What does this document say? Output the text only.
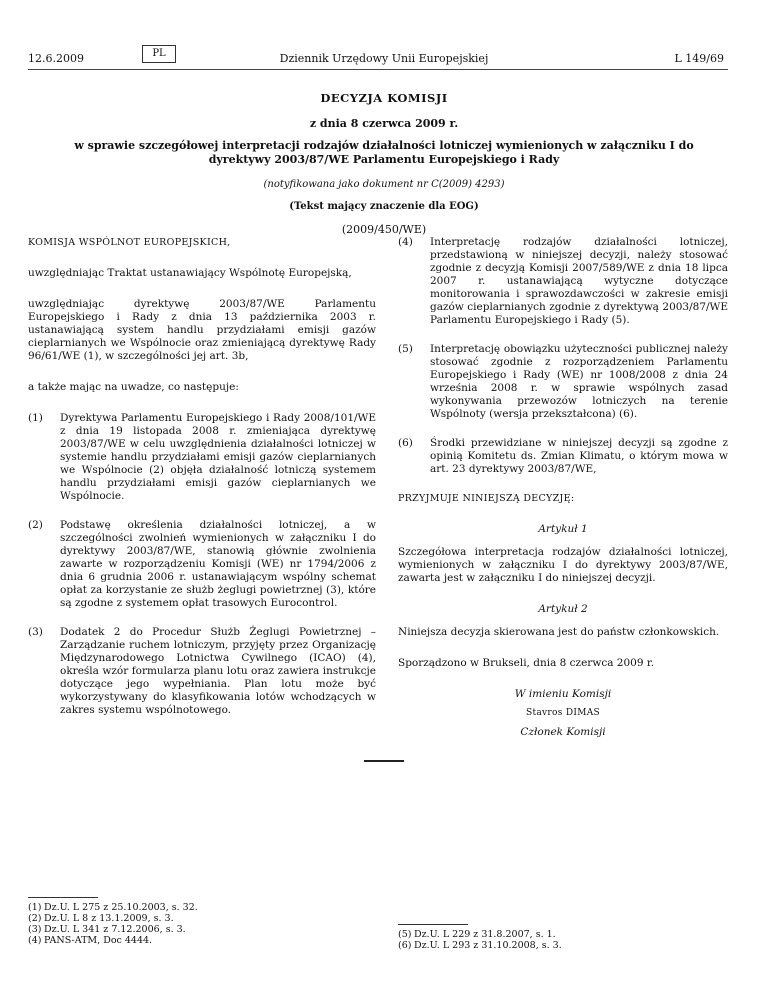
12.6.2009	PL	Dziennik Urzędowy Unii Europejskiej	L 149/69
DECYZJA KOMISJI
z dnia 8 czerwca 2009 r.
w sprawie szczegółowej interpretacji rodzajów działalności lotniczej wymienionych w załączniku I do dyrektywy 2003/87/WE Parlamentu Europejskiego i Rady
(notyfikowana jako dokument nr C(2009) 4293)
(Tekst mający znaczenie dla EOG)
(2009/450/WE)
KOMISJA WSPÓLNOT EUROPEJSKICH,
uwzględniając Traktat ustanawiający Wspólnotę Europejską,
uwzględniając dyrektywę 2003/87/WE Parlamentu Europejskiego i Rady z dnia 13 października 2003 r. ustanawiającą system handlu przydziałami emisji gazów cieplarnianych we Wspólnocie oraz zmieniającą dyrektywę Rady 96/61/WE (1), w szczególności jej art. 3b,
a także mając na uwadze, co następuje:
(1)	Dyrektywa Parlamentu Europejskiego i Rady 2008/101/WE z dnia 19 listopada 2008 r. zmieniająca dyrektywę 2003/87/WE w celu uwzględnienia działalności lotniczej w systemie handlu przydziałami emisji gazów cieplarnianych we Wspólnocie (2) objęła działalność lotniczą systemem handlu przydziałami emisji gazów cieplarnianych we Wspólnocie.
(2)	Podstawę określenia działalności lotniczej, a w szczególności zwolnień wymienionych w załączniku I do dyrektywy 2003/87/WE, stanowią głównie zwolnienia zawarte w rozporządzeniu Komisji (WE) nr 1794/2006 z dnia 6 grudnia 2006 r. ustanawiającym wspólny schemat opłat za korzystanie ze służb żeglugi powietrznej (3), które są zgodne z systemem opłat trasowych Eurocontrol.
(3)	Dodatek 2 do Procedur Służb Żeglugi Powietrznej – Zarządzanie ruchem lotniczym, przyjęty przez Organizację Międzynarodowego Lotnictwa Cywilnego (ICAO) (4), określa wzór formularza planu lotu oraz zawiera instrukcje dotyczące jego wypełniania. Plan lotu może być wykorzystywany do klasyfikowania lotów wchodzących w zakres systemu wspólnotowego.
(4)	Interpretację rodzajów działalności lotniczej, przedstawioną w niniejszej decyzji, należy stosować zgodnie z decyzją Komisji 2007/589/WE z dnia 18 lipca 2007 r. ustanawiającą wytyczne dotyczące monitorowania i sprawozdawczości w zakresie emisji gazów cieplarnianych zgodnie z dyrektywą 2003/87/WE Parlamentu Europejskiego i Rady (5).
(5)	Interpretację obowiązku użyteczności publicznej należy stosować zgodnie z rozporządzeniem Parlamentu Europejskiego i Rady (WE) nr 1008/2008 z dnia 24 września 2008 r. w sprawie wspólnych zasad wykonywania przewozów lotniczych na terenie Wspólnoty (wersja przekształcona) (6).
(6)	Środki przewidziane w niniejszej decyzji są zgodne z opinią Komitetu ds. Zmian Klimatu, o którym mowa w art. 23 dyrektywy 2003/87/WE,
PRZYJMUJE NINIEJSZĄ DECYZJĘ:
Artykuł 1
Szczegółowa interpretacja rodzajów działalności lotniczej, wymienionych w załączniku I do dyrektywy 2003/87/WE, zawarta jest w załączniku I do niniejszej decyzji.
Artykuł 2
Niniejsza decyzja skierowana jest do państw członkowskich.
Sporządzono w Brukseli, dnia 8 czerwca 2009 r.
W imieniu Komisji
Stavros DIMAS
Członek Komisji
(1) Dz.U. L 275 z 25.10.2003, s. 32.
(2) Dz.U. L 8 z 13.1.2009, s. 3.
(3) Dz.U. L 341 z 7.12.2006, s. 3.
(4) PANS-ATM, Doc 4444.
(5) Dz.U. L 229 z 31.8.2007, s. 1.
(6) Dz.U. L 293 z 31.10.2008, s. 3.
